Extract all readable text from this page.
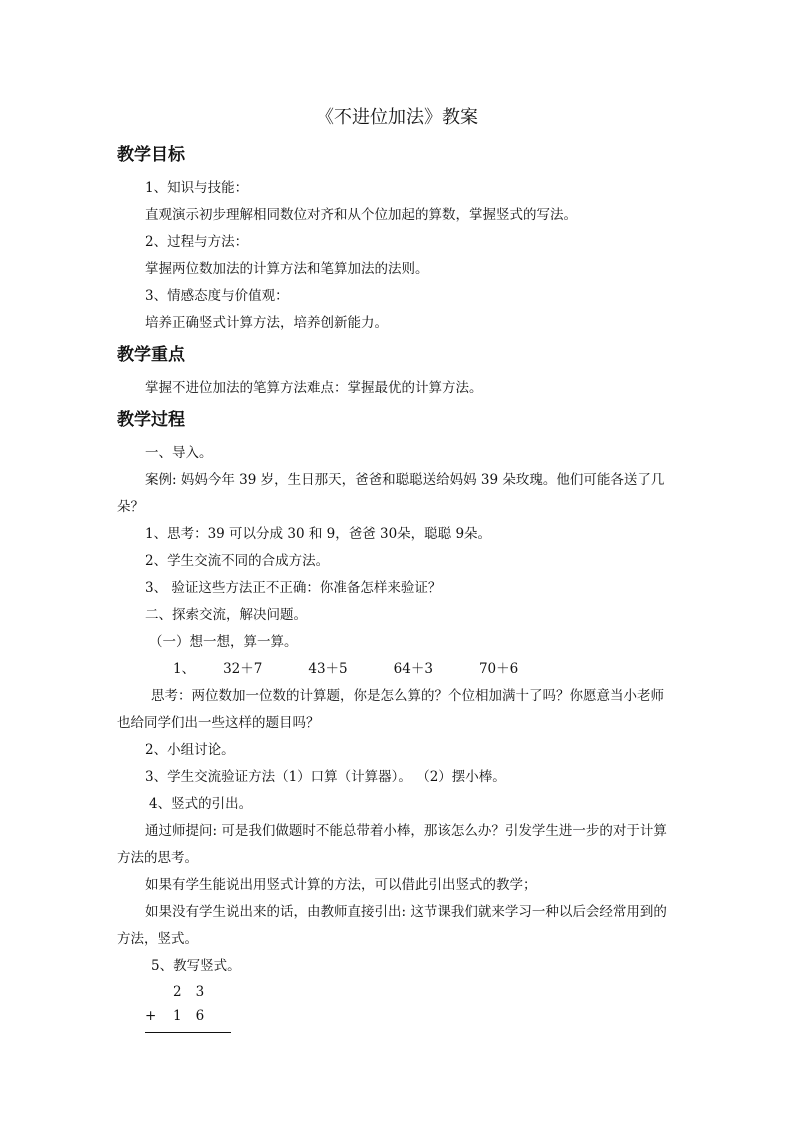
《不进位加法》教案
教学目标

1、知识与技能：

直观演示初步理解相同数位对齐和从个位加起的算数，掌握竖式的写法。

2、过程与方法：

掌握两位数加法的计算方法和笔算加法的法则。

3、情感态度与价值观：

培养正确竖式计算方法，培养创新能力。

教学重点

掌握不进位加法的笔算方法难点：掌握最优的计算方法。

教学过程

一、导入。

案例: 妈妈今年 39 岁，生日那天，爸爸和聪聪送给妈妈 39 朵玫瑰。他们可能各送了几朵？

1、思考：39 可以分成 30 和 9，爸爸 30朵，聪聪 9朵。

2、学生交流不同的合成方法。

3、 验证这些方法正不正确：你准备怎样来验证？

二、探索交流，解决问题。

（一）想一想，算一算。

1、 32＋7	43＋5	64＋3	70＋6

思考：两位数加一位数的计算题，你是怎么算的？个位相加满十了吗？你愿意当小老师也给同学们出一些这样的题目吗？

2、小组讨论。

3、学生交流验证方法（1）口算（计算器）。 （2）摆小棒。

4、竖式的引出。

通过师提问: 可是我们做题时不能总带着小棒，那该怎么办？引发学生进一步的对于计算方法的思考。

如果有学生能说出用竖式计算的方法，可以借此引出竖式的教学；

如果没有学生说出来的话，由教师直接引出: 这节课我们就来学习一种以后会经常用到的方法，竖式。

5、教写竖式。

23
+ 16
